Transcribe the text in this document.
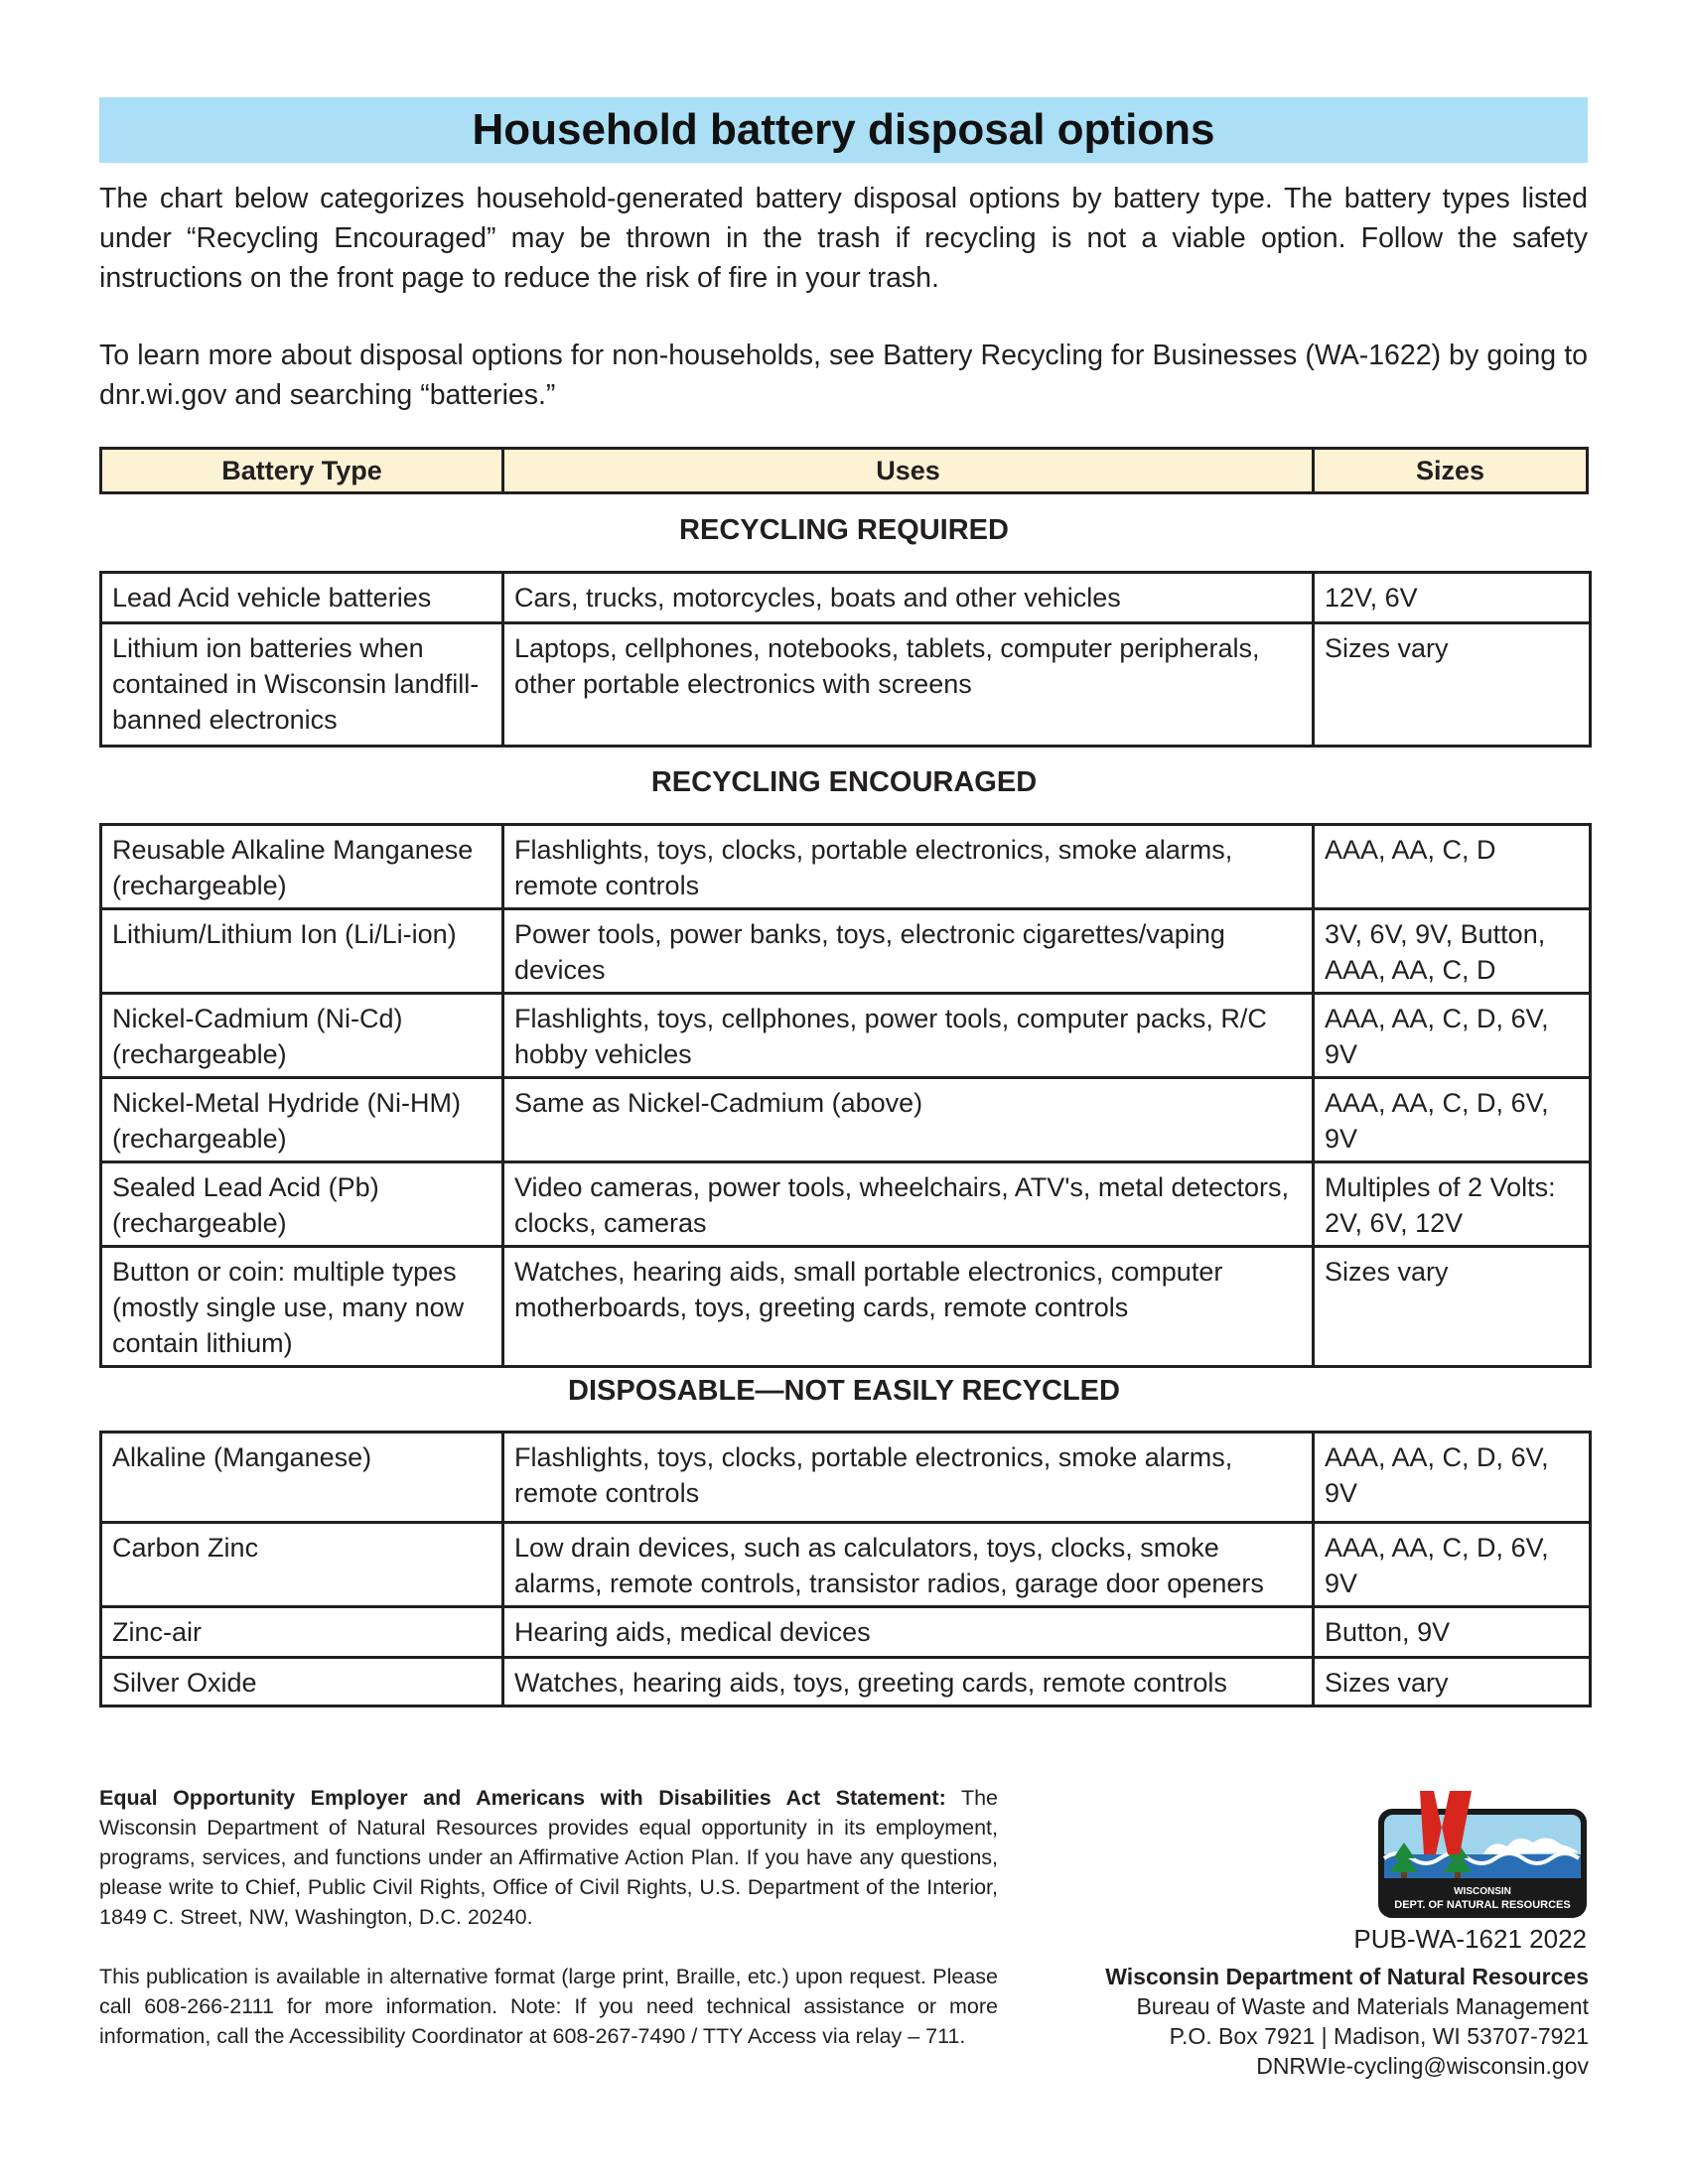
Household battery disposal options

The chart below categorizes household-generated battery disposal options by battery type. The battery types listed under “Recycling Encouraged” may be thrown in the trash if recycling is not a viable option. Follow the safety instructions on the front page to reduce the risk of fire in your trash.

To learn more about disposal options for non-households, see Battery Recycling for Businesses (WA-1622) by going to dnr.wi.gov and searching “batteries.”

Battery Type	Uses	Sizes
RECYCLING REQUIRED
Lead Acid vehicle batteries	Cars, trucks, motorcycles, boats and other vehicles	12V, 6V
Lithium ion batteries when contained in Wisconsin landfill-banned electronics	Laptops, cellphones, notebooks, tablets, computer peripherals, other portable electronics with screens	Sizes vary
RECYCLING ENCOURAGED
Reusable Alkaline Manganese (rechargeable)	Flashlights, toys, clocks, portable electronics, smoke alarms, remote controls	AAA, AA, C, D
Lithium/Lithium Ion (Li/Li-ion)	Power tools, power banks, toys, electronic cigarettes/vaping devices	3V, 6V, 9V, Button, AAA, AA, C, D
Nickel-Cadmium (Ni-Cd) (rechargeable)	Flashlights, toys, cellphones, power tools, computer packs, R/C hobby vehicles	AAA, AA, C, D, 6V, 9V
Nickel-Metal Hydride (Ni-HM) (rechargeable)	Same as Nickel-Cadmium (above)	AAA, AA, C, D, 6V, 9V
Sealed Lead Acid (Pb) (rechargeable)	Video cameras, power tools, wheelchairs, ATV's, metal detectors, clocks, cameras	Multiples of 2 Volts: 2V, 6V, 12V
Button or coin: multiple types (mostly single use, many now contain lithium)	Watches, hearing aids, small portable electronics, computer motherboards, toys, greeting cards, remote controls	Sizes vary
DISPOSABLE—NOT EASILY RECYCLED
Alkaline (Manganese)	Flashlights, toys, clocks, portable electronics, smoke alarms, remote controls	AAA, AA, C, D, 6V, 9V
Carbon Zinc	Low drain devices, such as calculators, toys, clocks, smoke alarms, remote controls, transistor radios, garage door openers	AAA, AA, C, D, 6V, 9V
Zinc-air	Hearing aids, medical devices	Button, 9V
Silver Oxide	Watches, hearing aids, toys, greeting cards, remote controls	Sizes vary

Equal Opportunity Employer and Americans with Disabilities Act Statement: The Wisconsin Department of Natural Resources provides equal opportunity in its employment, programs, services, and functions under an Affirmative Action Plan. If you have any questions, please write to Chief, Public Civil Rights, Office of Civil Rights, U.S. Department of the Interior, 1849 C. Street, NW, Washington, D.C. 20240.

This publication is available in alternative format (large print, Braille, etc.) upon request. Please call 608-266-2111 for more information. Note: If you need technical assistance or more information, call the Accessibility Coordinator at 608-267-7490 / TTY Access via relay – 711.

WISCONSIN
DEPT. OF NATURAL RESOURCES
PUB-WA-1621 2022
Wisconsin Department of Natural Resources
Bureau of Waste and Materials Management
P.O. Box 7921 | Madison, WI 53707-7921
DNRWIe-cycling@wisconsin.gov
